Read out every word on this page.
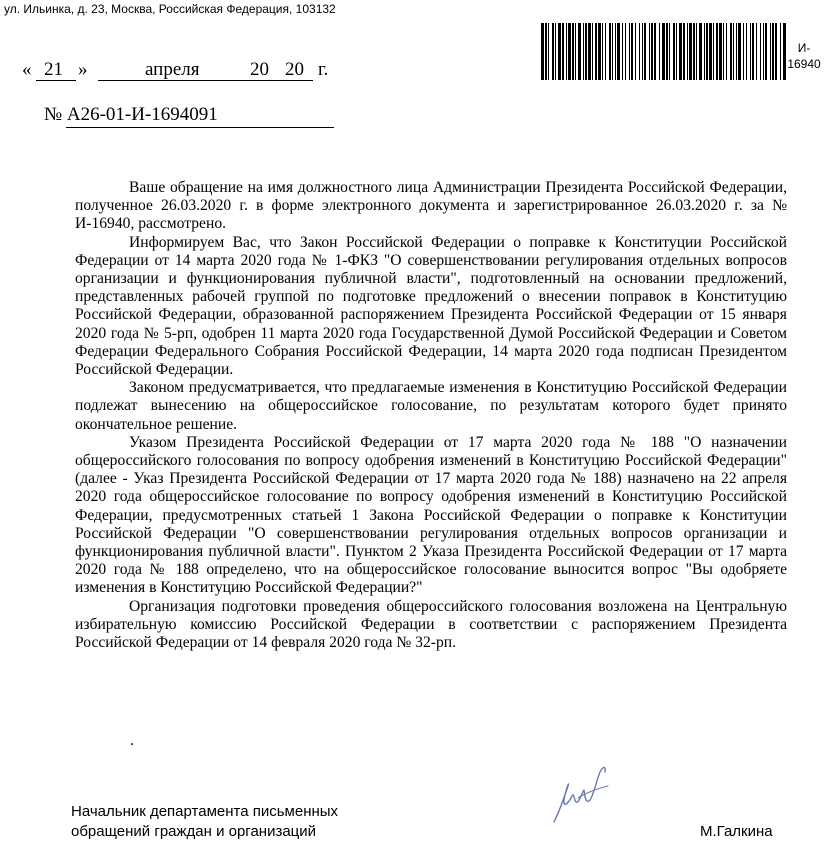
ул. Ильинка, д. 23, Москва, Российская Федерация, 103132
И-
16940
« 21 »	апреля	20 20 г.
№ А26-01-И-1694091

Ваше обращение на имя должностного лица Администрации Президента Российской Федерации, полученное 26.03.2020 г. в форме электронного документа и зарегистрированное 26.03.2020 г. за № И-16940, рассмотрено.

Информируем Вас, что Закон Российской Федерации о поправке к Конституции Российской Федерации от 14 марта 2020 года № 1-ФКЗ "О совершенствовании регулирования отдельных вопросов организации и функционирования публичной власти", подготовленный на основании предложений, представленных рабочей группой по подготовке предложений о внесении поправок в Конституцию Российской Федерации, образованной распоряжением Президента Российской Федерации от 15 января 2020 года № 5-рп, одобрен 11 марта 2020 года Государственной Думой Российской Федерации и Советом Федерации Федерального Собрания Российской Федерации, 14 марта 2020 года подписан Президентом Российской Федерации.

Законом предусматривается, что предлагаемые изменения в Конституцию Российской Федерации подлежат вынесению на общероссийское голосование, по результатам которого будет принято окончательное решение.

Указом Президента Российской Федерации от 17 марта 2020 года № 188 "О назначении общероссийского голосования по вопросу одобрения изменений в Конституцию Российской Федерации" (далее - Указ Президента Российской Федерации от 17 марта 2020 года № 188) назначено на 22 апреля 2020 года общероссийское голосование по вопросу одобрения изменений в Конституцию Российской Федерации, предусмотренных статьей 1 Закона Российской Федерации о поправке к Конституции Российской Федерации "О совершенствовании регулирования отдельных вопросов организации и функционирования публичной власти". Пунктом 2 Указа Президента Российской Федерации от 17 марта 2020 года № 188 определено, что на общероссийское голосование выносится вопрос "Вы одобряете изменения в Конституцию Российской Федерации?"

Организация подготовки проведения общероссийского голосования возложена на Центральную избирательную комиссию Российской Федерации в соответствии с распоряжением Президента Российской Федерации от 14 февраля 2020 года № 32-рп.

.
Начальник департамента письменных
обращений граждан и организаций	М.Галкина
